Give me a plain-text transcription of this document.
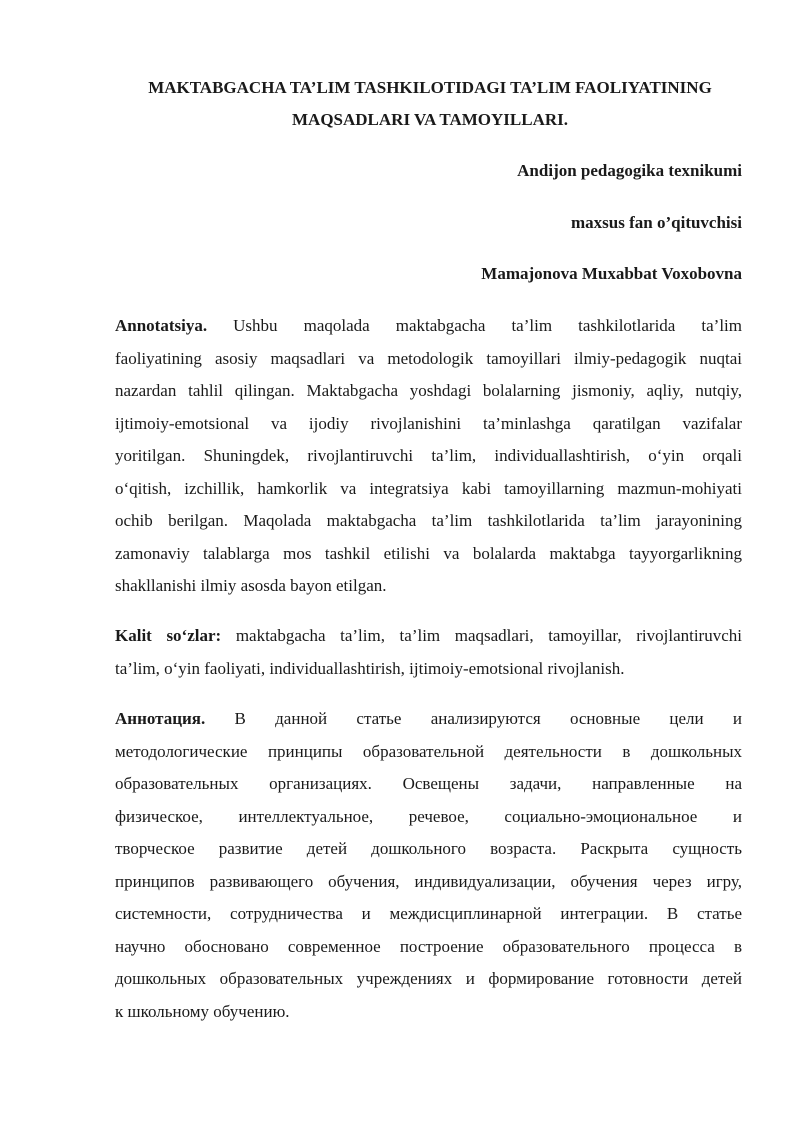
MAKTABGACHA TA’LIM TASHKILOTIDAGI TA’LIM FAOLIYATINING

MAQSADLARI VA TAMOYILLARI.

Andijon pedagogika texnikumi

maxsus fan o’qituvchisi

Mamajonova Muxabbat Voxobovna

Annotatsiya. Ushbu maqolada maktabgacha ta’lim tashkilotlarida ta’lim
faoliyatining asosiy maqsadlari va metodologik tamoyillari ilmiy-pedagogik nuqtai
nazardan tahlil qilingan. Maktabgacha yoshdagi bolalarning jismoniy, aqliy, nutqiy,
ijtimoiy-emotsional va ijodiy rivojlanishini ta’minlashga qaratilgan vazifalar
yoritilgan. Shuningdek, rivojlantiruvchi ta’lim, individuallashtirish, o‘yin orqali
o‘qitish, izchillik, hamkorlik va integratsiya kabi tamoyillarning mazmun-mohiyati
ochib berilgan. Maqolada maktabgacha ta’lim tashkilotlarida ta’lim jarayonining
zamonaviy talablarga mos tashkil etilishi va bolalarda maktabga tayyorgarlikning
shakllanishi ilmiy asosda bayon etilgan.
Kalit so‘zlar: maktabgacha ta’lim, ta’lim maqsadlari, tamoyillar, rivojlantiruvchi
ta’lim, o‘yin faoliyati, individuallashtirish, ijtimoiy-emotsional rivojlanish.
Аннотация. В данной статье анализируются основные цели и
методологические принципы образовательной деятельности в дошкольных
образовательных организациях. Освещены задачи, направленные на
физическое, интеллектуальное, речевое, социально-эмоциональное и
творческое развитие детей дошкольного возраста. Раскрыта сущность
принципов развивающего обучения, индивидуализации, обучения через игру,
системности, сотрудничества и междисциплинарной интеграции. В статье
научно обосновано современное построение образовательного процесса в
дошкольных образовательных учреждениях и формирование готовности детей
к школьному обучению.
